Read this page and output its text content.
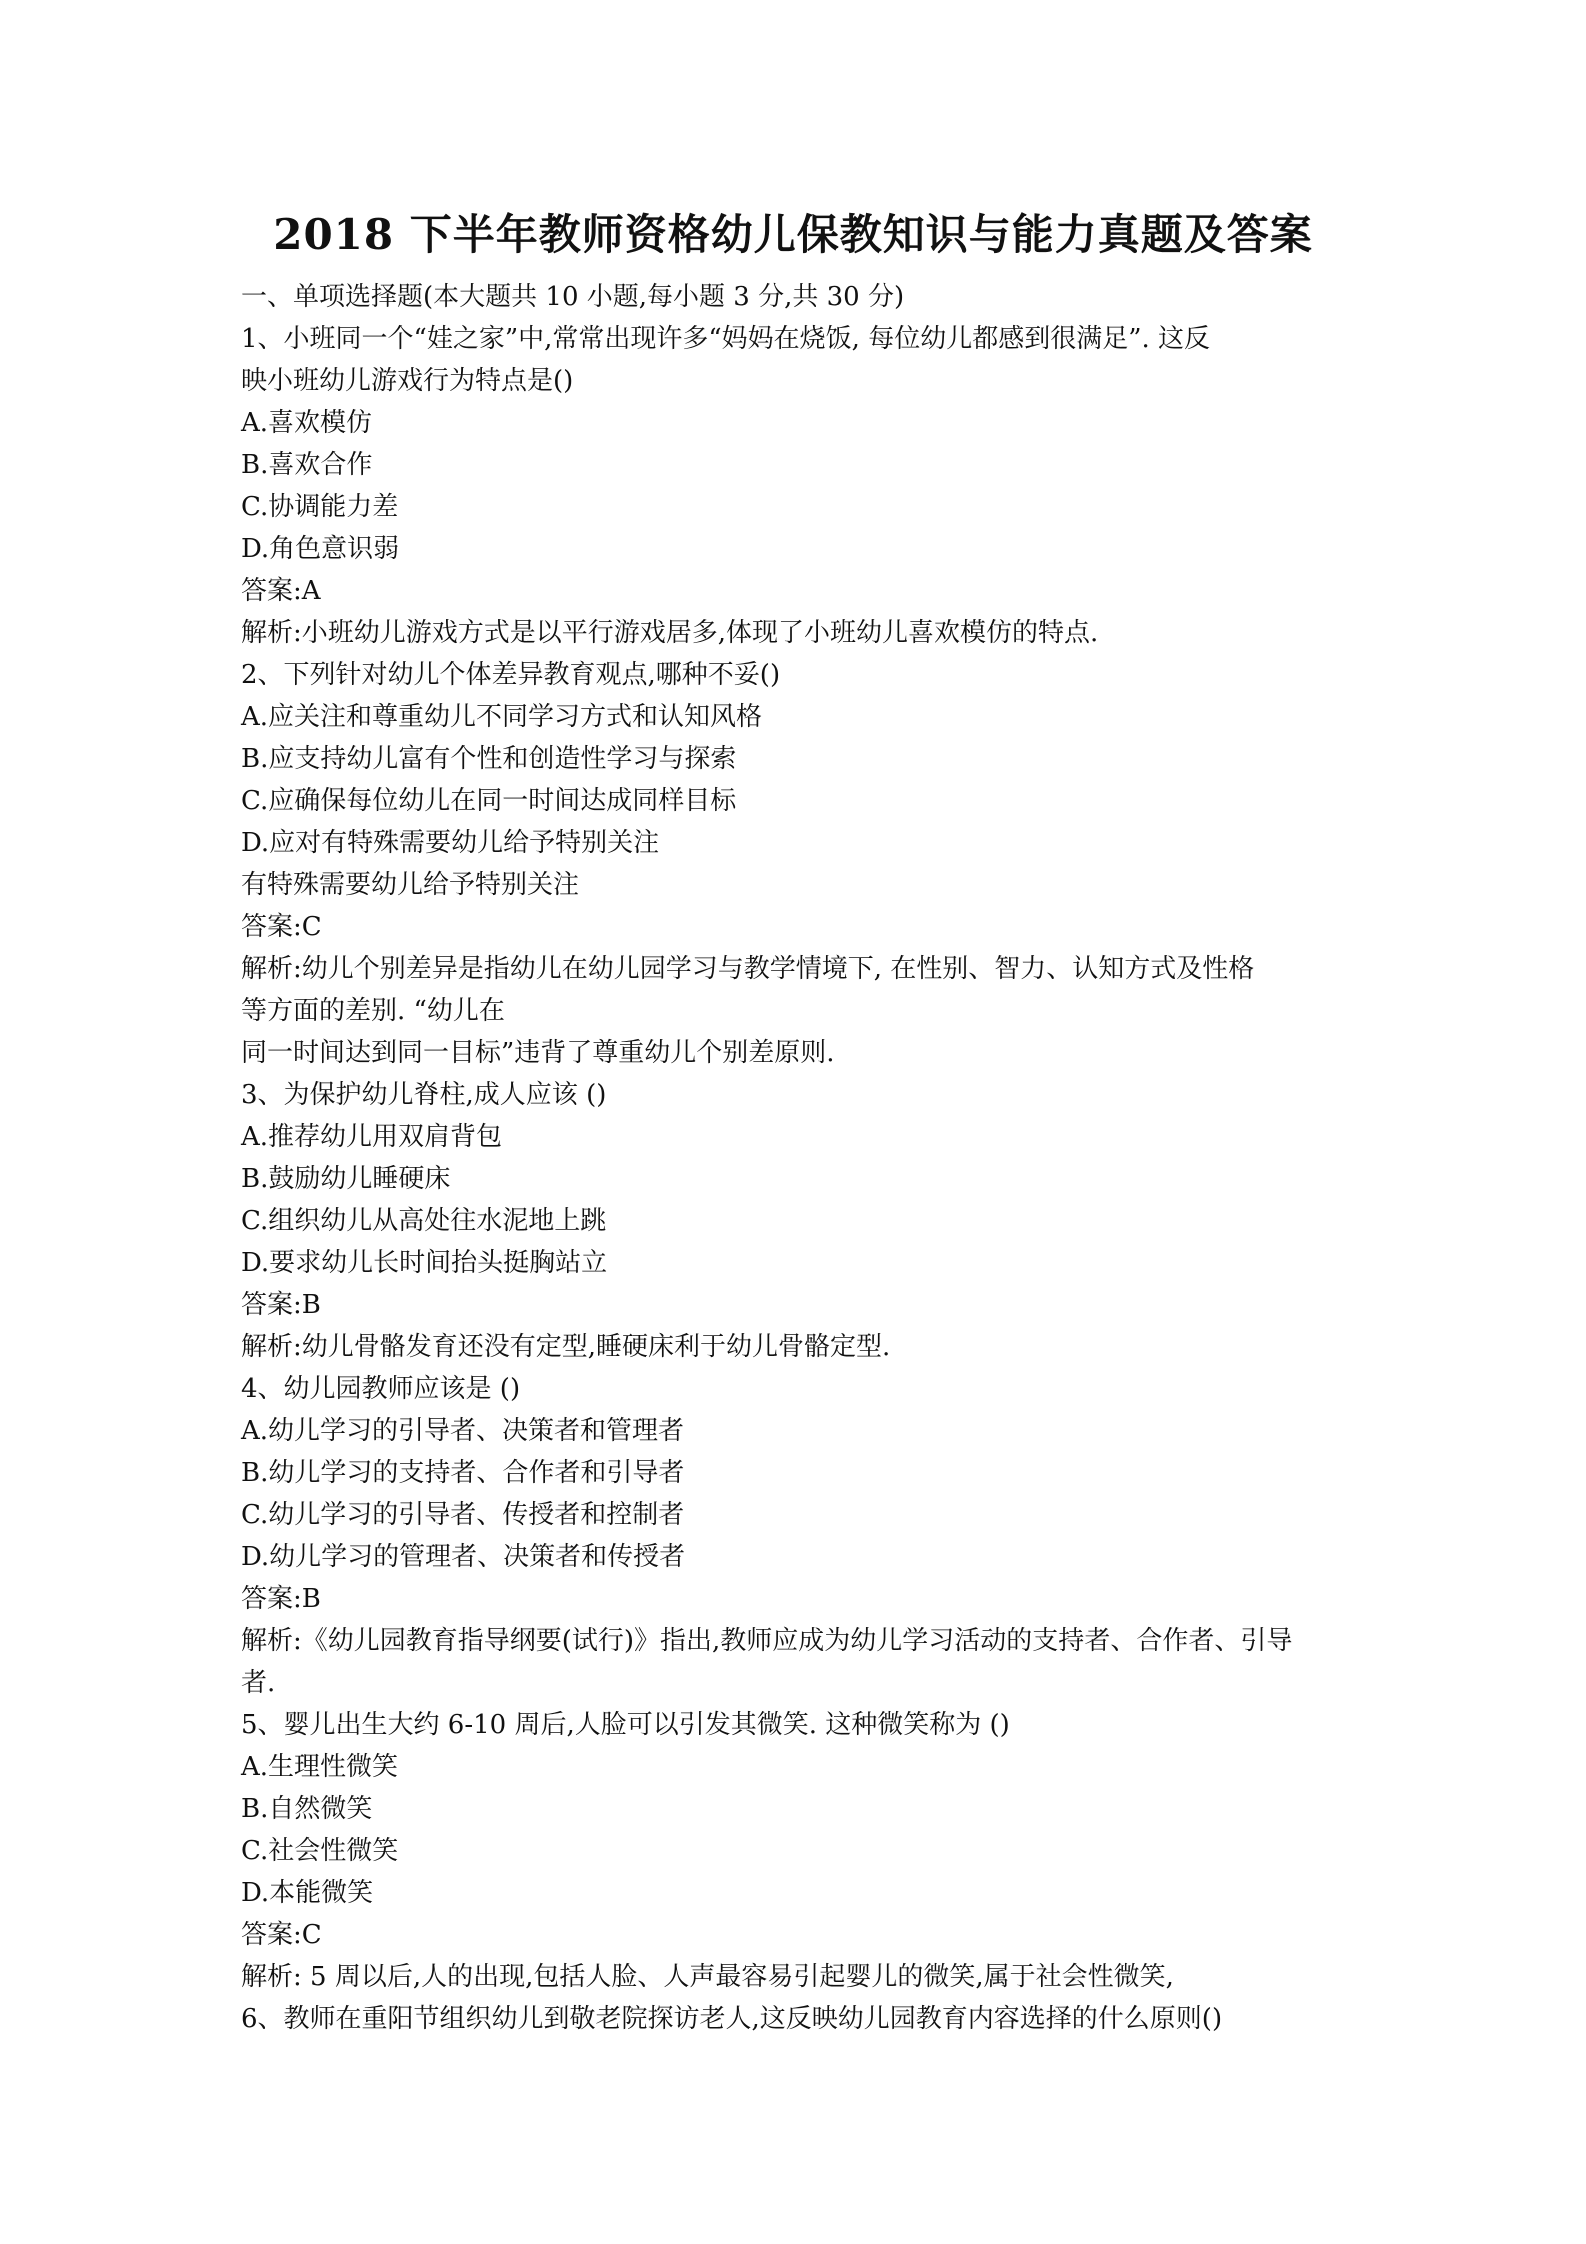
2018 下半年教师资格幼儿保教知识与能力真题及答案
一、单项选择题(本大题共 10 小题,每小题 3 分,共 30 分)
1、小班同一个“娃之家”中,常常出现许多“妈妈在烧饭, 每位幼儿都感到很满足”. 这反
映小班幼儿游戏行为特点是()
A.喜欢模仿
B.喜欢合作
C.协调能力差
D.角色意识弱
答案:A
解析:小班幼儿游戏方式是以平行游戏居多,体现了小班幼儿喜欢模仿的特点.
2、下列针对幼儿个体差异教育观点,哪种不妥()
A.应关注和尊重幼儿不同学习方式和认知风格
B.应支持幼儿富有个性和创造性学习与探索
C.应确保每位幼儿在同一时间达成同样目标
D.应对有特殊需要幼儿给予特别关注
有特殊需要幼儿给予特别关注
答案:C
解析:幼儿个别差异是指幼儿在幼儿园学习与教学情境下, 在性别、智力、认知方式及性格
等方面的差别. “幼儿在
同一时间达到同一目标”违背了尊重幼儿个别差原则.
3、为保护幼儿脊柱,成人应该 ()
A.推荐幼儿用双肩背包
B.鼓励幼儿睡硬床
C.组织幼儿从高处往水泥地上跳
D.要求幼儿长时间抬头挺胸站立
答案:B
解析:幼儿骨骼发育还没有定型,睡硬床利于幼儿骨骼定型.
4、幼儿园教师应该是 ()
A.幼儿学习的引导者、决策者和管理者
B.幼儿学习的支持者、合作者和引导者
C.幼儿学习的引导者、传授者和控制者
D.幼儿学习的管理者、决策者和传授者
答案:B
解析:《幼儿园教育指导纲要(试行)》指出,教师应成为幼儿学习活动的支持者、合作者、引导
者.
5、婴儿出生大约 6-10 周后,人脸可以引发其微笑. 这种微笑称为 ()
A.生理性微笑
B.自然微笑
C.社会性微笑
D.本能微笑
答案:C
解析: 5 周以后,人的出现,包括人脸、人声最容易引起婴儿的微笑,属于社会性微笑,
6、教师在重阳节组织幼儿到敬老院探访老人,这反映幼儿园教育内容选择的什么原则()
